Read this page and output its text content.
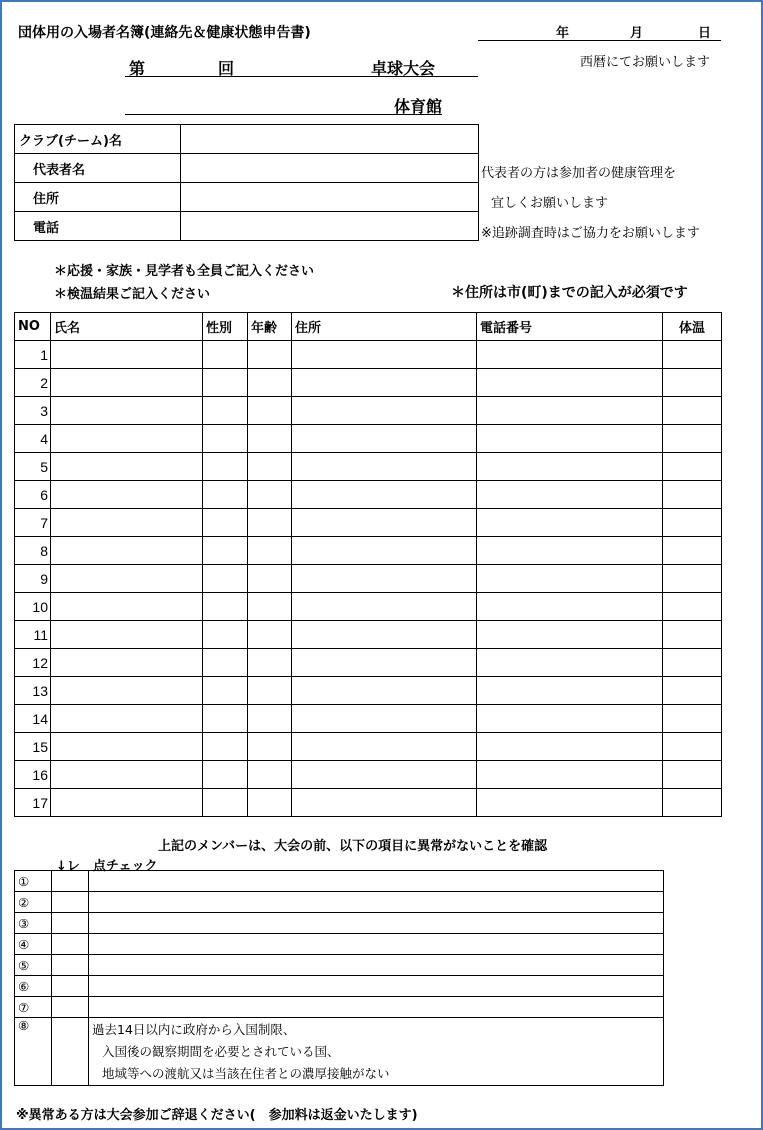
団体用の入場者名簿(連絡先＆健康状態申告書)	年	月	日
西暦にてお願いします
第	回	卓球大会
体育館
クラブ(チーム)名	
代表者名	
住所	
電話	
代表者の方は参加者の健康管理を
宜しくお願いします
※追跡調査時はご協力をお願いします
＊応援・家族・見学者も全員ご記入ください
＊検温結果ご記入ください	＊住所は市(町)までの記入が必須です
NO	氏名	性別	年齢	住所	電話番号	体温
1						
2						
3						
4						
5						
6						
7						
8						
9						
10						
11						
12						
13						
14						
15						
16						
17						
上記のメンバーは、大会の前、以下の項目に異常がないことを確認
↓レ　点チェック
①		
②		
③		
④		
⑤		
⑥		
⑦		
⑧		過去14日以内に政府から入国制限、
入国後の観察期間を必要とされている国、
地域等への渡航又は当該在住者との濃厚接触がない
※異常ある方は大会参加ご辞退ください(　参加料は返金いたします)
